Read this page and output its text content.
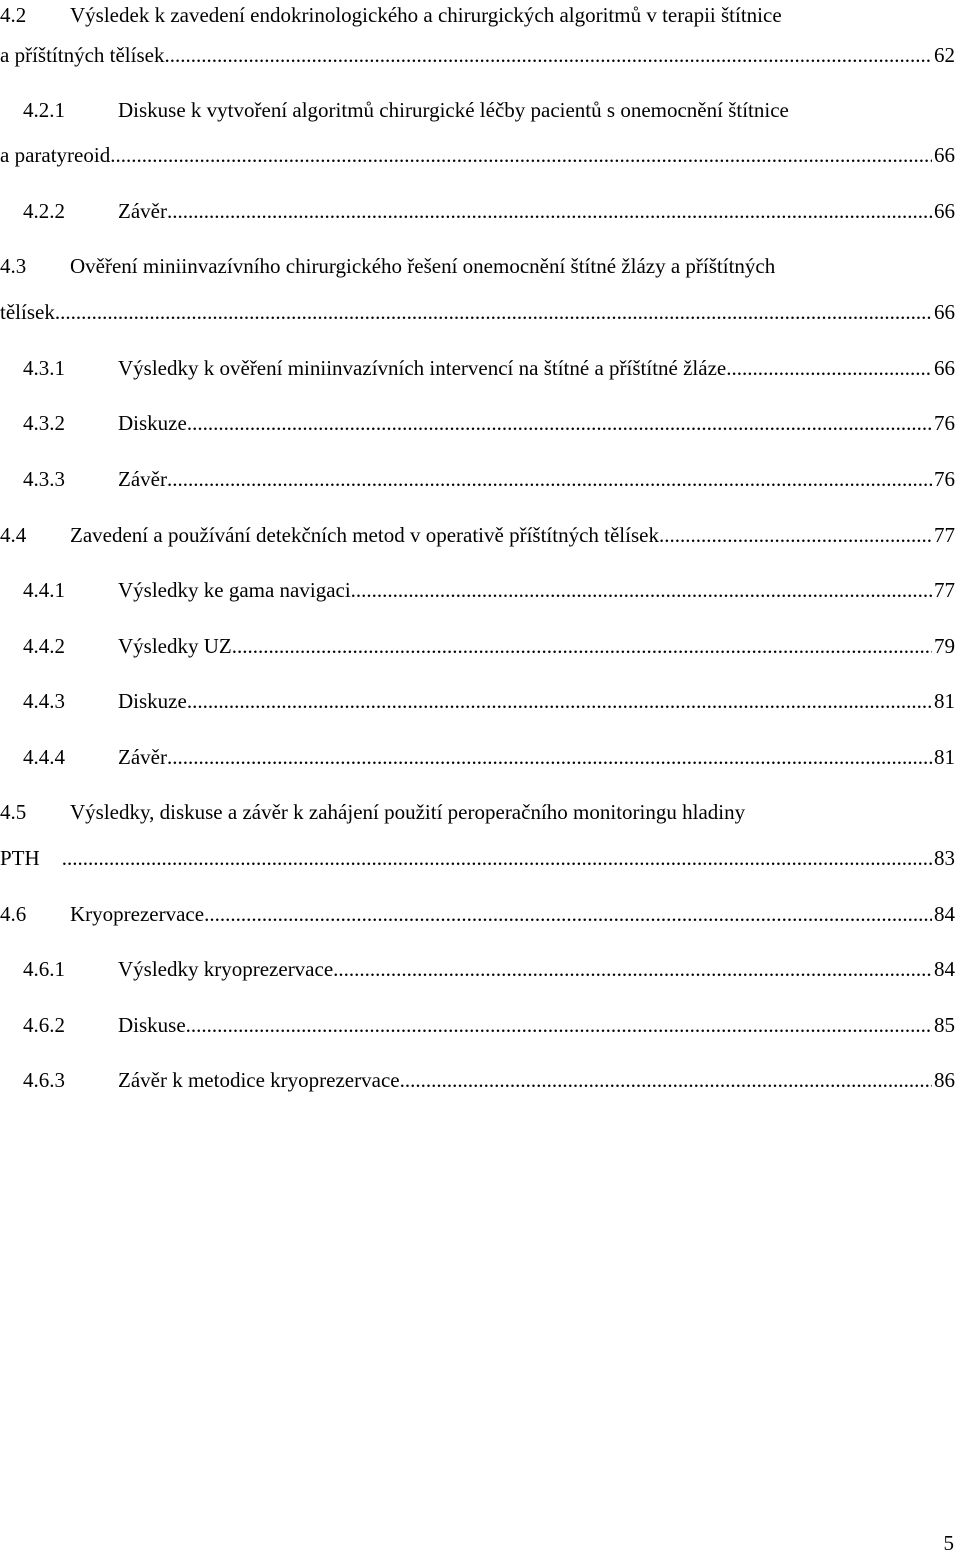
4.2 Výsledek k zavedení endokrinologického a chirurgických algoritmů v terapii štítnice
a příštítných tělísek .....	62
4.2.1	Diskuse k vytvoření algoritmů chirurgické léčby pacientů s onemocnění štítnice
a paratyreoid. .....	66
4.2.2	Závěr .....	66
4.3 Ověření miniinvazívního chirurgického řešení onemocnění štítné žlázy a příštítných
tělísek .....	66
4.3.1	Výsledky k ověření miniinvazívních intervencí na štítné a příštítné žláze .....	66
4.3.2	Diskuze .....	76
4.3.3	Závěr .....	76
4.4 Zavedení a používání detekčních metod v operativě příštítných tělísek .....	77
4.4.1	Výsledky ke gama navigaci .....	77
4.4.2	Výsledky UZ .....	79
4.4.3	Diskuze .....	81
4.4.4	Závěr .....	81
4.5 Výsledky, diskuse a závěr k zahájení použití peroperačního monitoringu hladiny
PTH .....	83
4.6 Kryoprezervace .....	84
4.6.1	Výsledky kryoprezervace .....	84
4.6.2	Diskuse .....	85
4.6.3	Závěr k metodice kryoprezervace .....	86
5
